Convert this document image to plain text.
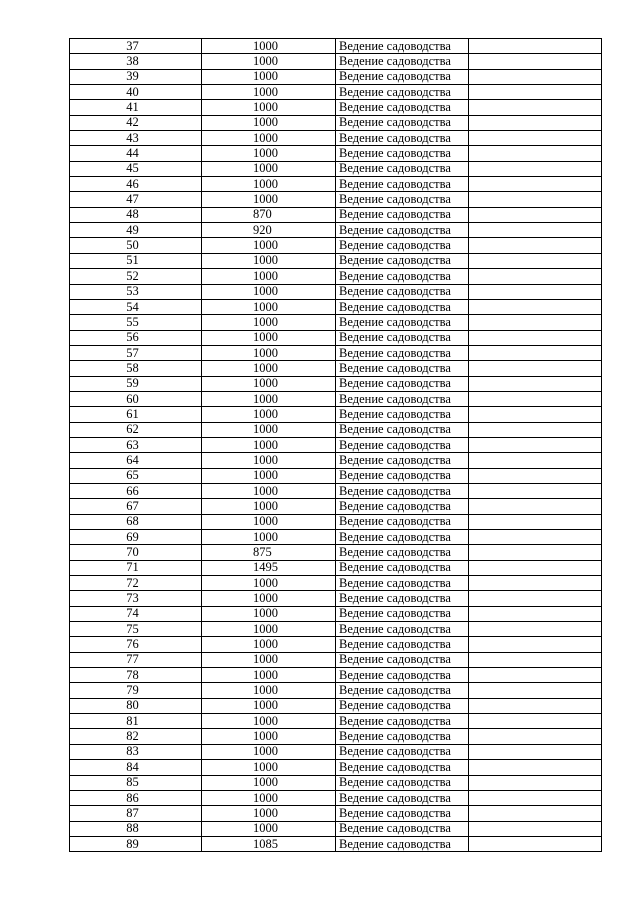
37	1000	Ведение садоводства	
38	1000	Ведение садоводства	
39	1000	Ведение садоводства	
40	1000	Ведение садоводства	
41	1000	Ведение садоводства	
42	1000	Ведение садоводства	
43	1000	Ведение садоводства	
44	1000	Ведение садоводства	
45	1000	Ведение садоводства	
46	1000	Ведение садоводства	
47	1000	Ведение садоводства	
48	870	Ведение садоводства	
49	920	Ведение садоводства	
50	1000	Ведение садоводства	
51	1000	Ведение садоводства	
52	1000	Ведение садоводства	
53	1000	Ведение садоводства	
54	1000	Ведение садоводства	
55	1000	Ведение садоводства	
56	1000	Ведение садоводства	
57	1000	Ведение садоводства	
58	1000	Ведение садоводства	
59	1000	Ведение садоводства	
60	1000	Ведение садоводства	
61	1000	Ведение садоводства	
62	1000	Ведение садоводства	
63	1000	Ведение садоводства	
64	1000	Ведение садоводства	
65	1000	Ведение садоводства	
66	1000	Ведение садоводства	
67	1000	Ведение садоводства	
68	1000	Ведение садоводства	
69	1000	Ведение садоводства	
70	875	Ведение садоводства	
71	1495	Ведение садоводства	
72	1000	Ведение садоводства	
73	1000	Ведение садоводства	
74	1000	Ведение садоводства	
75	1000	Ведение садоводства	
76	1000	Ведение садоводства	
77	1000	Ведение садоводства	
78	1000	Ведение садоводства	
79	1000	Ведение садоводства	
80	1000	Ведение садоводства	
81	1000	Ведение садоводства	
82	1000	Ведение садоводства	
83	1000	Ведение садоводства	
84	1000	Ведение садоводства	
85	1000	Ведение садоводства	
86	1000	Ведение садоводства	
87	1000	Ведение садоводства	
88	1000	Ведение садоводства	
89	1085	Ведение садоводства	
